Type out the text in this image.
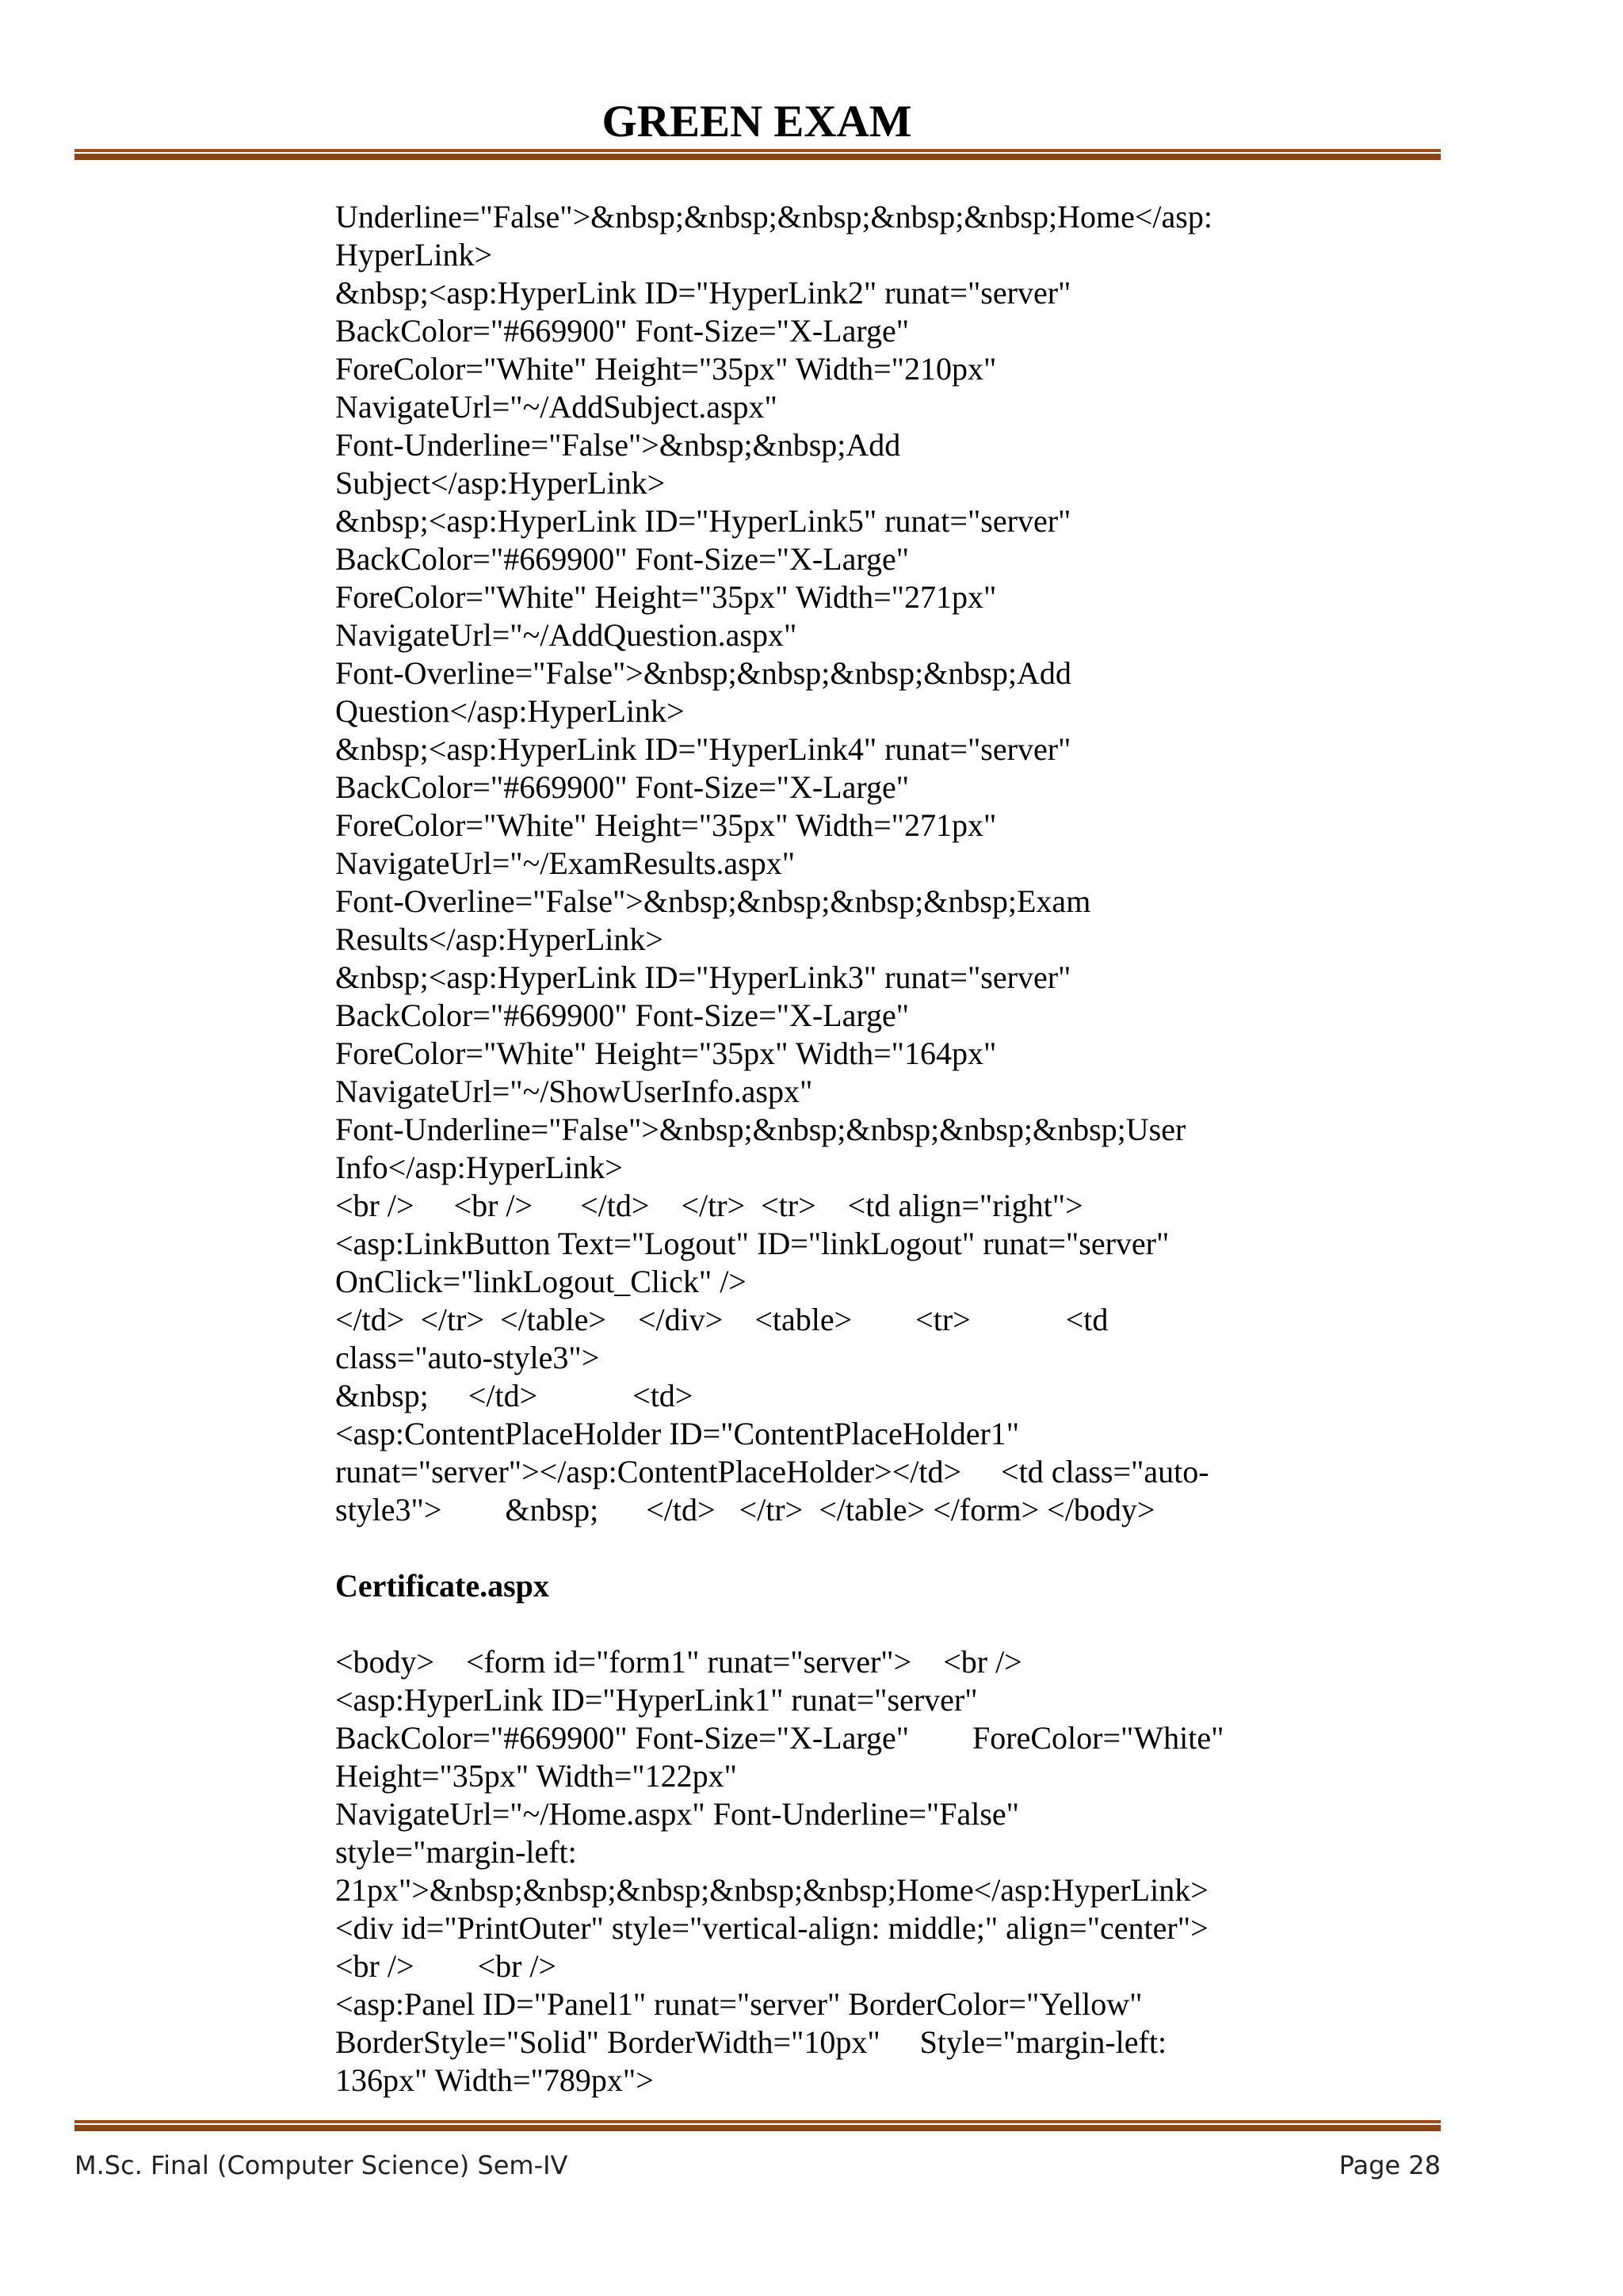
GREEN EXAM
Underline="False">&nbsp;&nbsp;&nbsp;&nbsp;&nbsp;Home</asp:
HyperLink>
&nbsp;<asp:HyperLink ID="HyperLink2" runat="server"
BackColor="#669900" Font-Size="X-Large"
ForeColor="White" Height="35px" Width="210px"
NavigateUrl="~/AddSubject.aspx"
Font-Underline="False">&nbsp;&nbsp;Add
Subject</asp:HyperLink>
&nbsp;<asp:HyperLink ID="HyperLink5" runat="server"
BackColor="#669900" Font-Size="X-Large"
ForeColor="White" Height="35px" Width="271px"
NavigateUrl="~/AddQuestion.aspx"
Font-Overline="False">&nbsp;&nbsp;&nbsp;&nbsp;Add
Question</asp:HyperLink>
&nbsp;<asp:HyperLink ID="HyperLink4" runat="server"
BackColor="#669900" Font-Size="X-Large"
ForeColor="White" Height="35px" Width="271px"
NavigateUrl="~/ExamResults.aspx"
Font-Overline="False">&nbsp;&nbsp;&nbsp;&nbsp;Exam
Results</asp:HyperLink>
&nbsp;<asp:HyperLink ID="HyperLink3" runat="server"
BackColor="#669900" Font-Size="X-Large"
ForeColor="White" Height="35px" Width="164px"
NavigateUrl="~/ShowUserInfo.aspx"
Font-Underline="False">&nbsp;&nbsp;&nbsp;&nbsp;&nbsp;User
Info</asp:HyperLink>
<br />     <br />      </td>    </tr>  <tr>    <td align="right">
<asp:LinkButton Text="Logout" ID="linkLogout" runat="server"
OnClick="linkLogout_Click" />
</td>  </tr>  </table>    </div>    <table>        <tr>            <td
class="auto-style3">
&nbsp;     </td>            <td>
<asp:ContentPlaceHolder ID="ContentPlaceHolder1"
runat="server"></asp:ContentPlaceHolder></td>     <td class="auto-
style3">        &nbsp;      </td>   </tr>  </table> </form> </body>
Certificate.aspx
<body>    <form id="form1" runat="server">    <br />
<asp:HyperLink ID="HyperLink1" runat="server"
BackColor="#669900" Font-Size="X-Large"        ForeColor="White"
Height="35px" Width="122px"
NavigateUrl="~/Home.aspx" Font-Underline="False"
style="margin-left:
21px">&nbsp;&nbsp;&nbsp;&nbsp;&nbsp;Home</asp:HyperLink>
<div id="PrintOuter" style="vertical-align: middle;" align="center">
<br />        <br />
<asp:Panel ID="Panel1" runat="server" BorderColor="Yellow"
BorderStyle="Solid" BorderWidth="10px"     Style="margin-left:
136px" Width="789px">
M.Sc. Final (Computer Science) Sem-IV	Page 28
